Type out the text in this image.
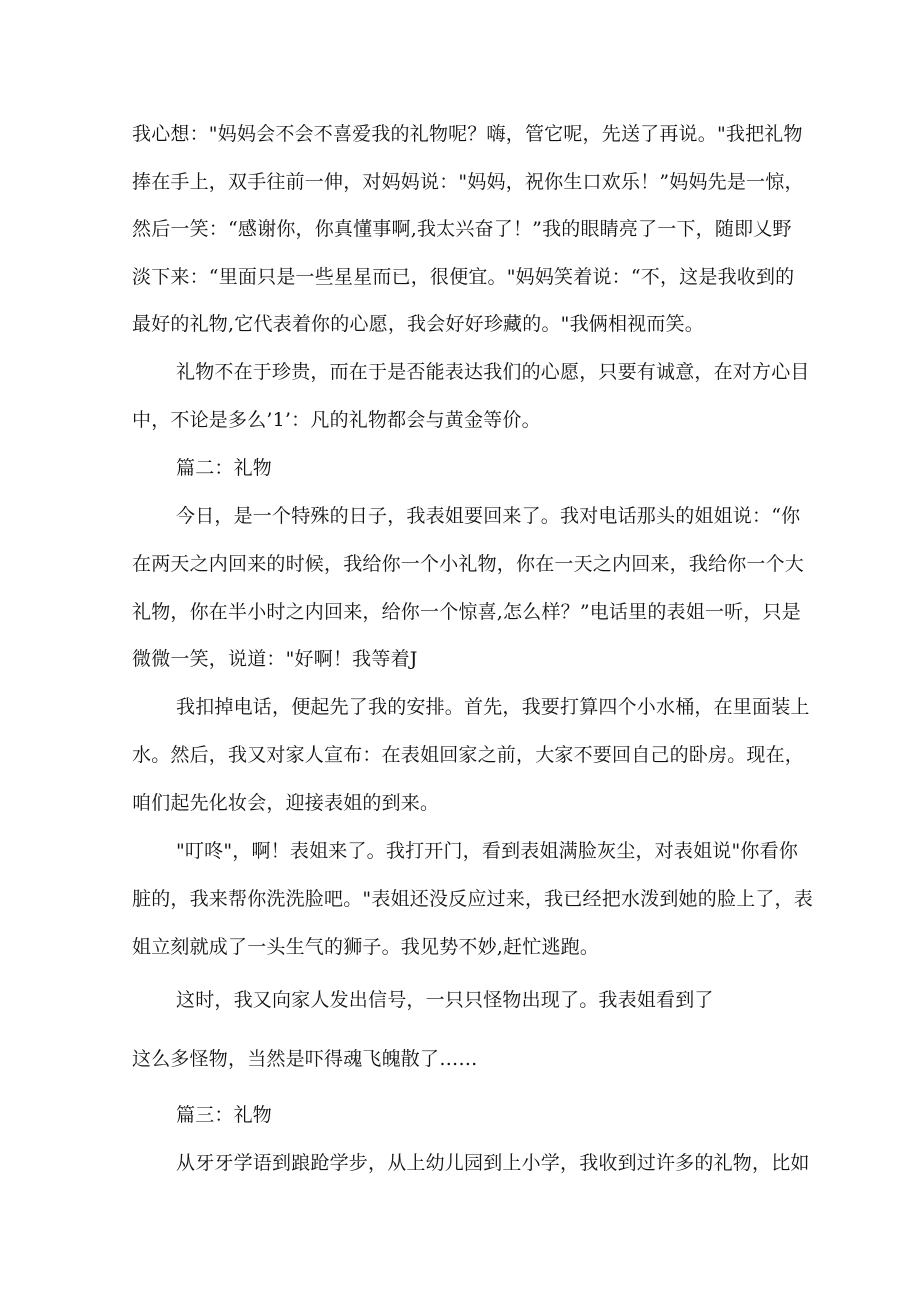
我心想："妈妈会不会不喜爱我的礼物呢？嗨，管它呢，先送了再说。"我把礼物
捧在手上，双手往前一伸，对妈妈说："妈妈，祝你生口欢乐！”妈妈先是一惊，
然后一笑：“感谢你，你真懂事啊,我太兴奋了！”我的眼睛亮了一下，随即乂野
淡下来：“里面只是一些星星而已，很便宜。"妈妈笑着说：“不，这是我收到的
最好的礼物,它代表着你的心愿，我会好好珍藏的。"我俩相视而笑。
礼物不在于珍贵，而在于是否能表达我们的心愿，只要有诚意，在对方心目
中，不论是多么’1’：凡的礼物都会与黄金等价。
篇二：礼物
今日，是一个特殊的日子，我表姐要回来了。我对电话那头的姐姐说：“你
在两天之内回来的时候，我给你一个小礼物，你在一天之内回来，我给你一个大
礼物，你在半小时之内回来，给你一个惊喜,怎么样？”电话里的表姐一听，只是
微微一笑，说道："好啊！我等着J
我扣掉电话，便起先了我的安排。首先，我要打算四个小水桶，在里面装上
水。然后，我又对家人宣布：在表姐回家之前，大家不要回自己的卧房。现在，
咱们起先化妆会，迎接表姐的到来。
"叮咚"，啊！表姐来了。我打开门，看到表姐满脸灰尘，对表姐说"你看你
脏的，我来帮你洗洗脸吧。"表姐还没反应过来，我已经把水泼到她的脸上了，表
姐立刻就成了一头生气的狮子。我见势不妙,赶忙逃跑。
这时，我又向家人发出信号，一只只怪物出现了。我表姐看到了
这么多怪物，当然是吓得魂飞魄散了……
篇三：礼物
从牙牙学语到踉跄学步，从上幼儿园到上小学，我收到过许多的礼物，比如
